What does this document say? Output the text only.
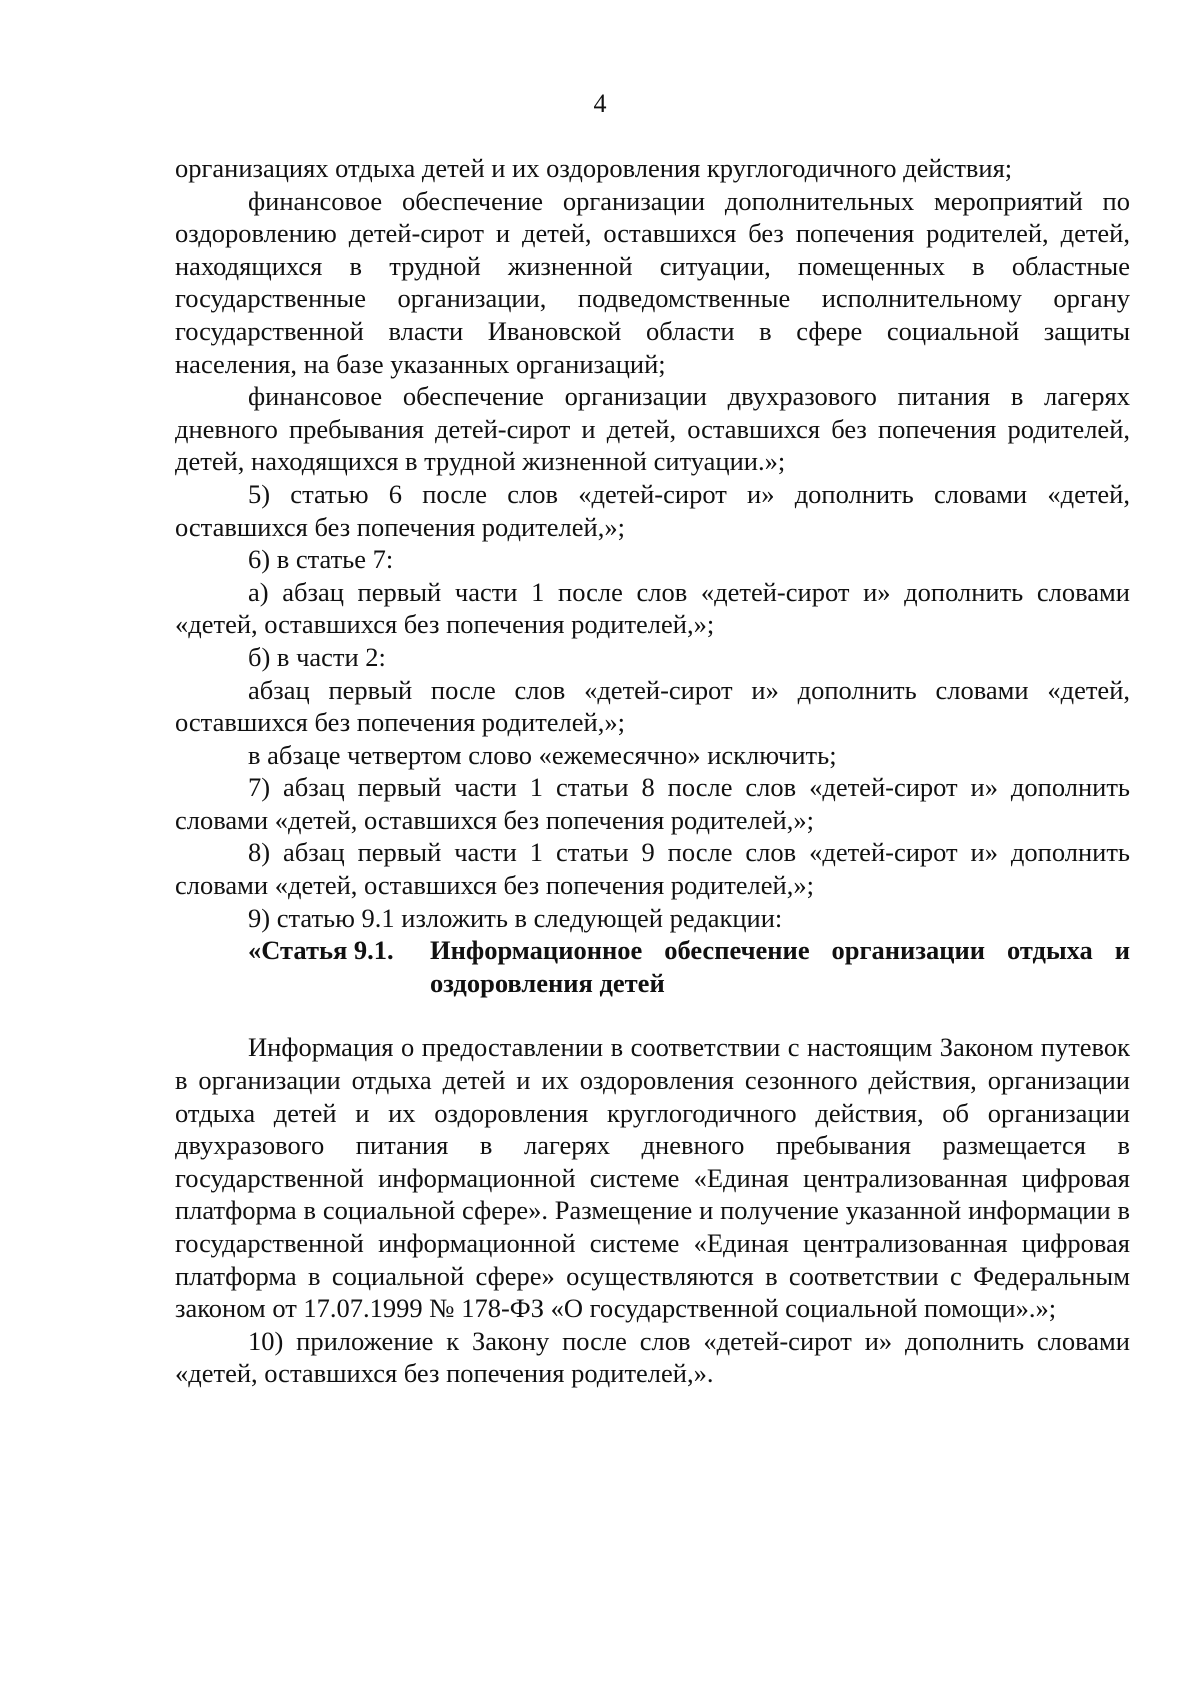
4

организациях отдыха детей и их оздоровления круглогодичного действия;

финансовое обеспечение организации дополнительных мероприятий по оздоровлению детей-сирот и детей, оставшихся без попечения родителей, детей, находящихся в трудной жизненной ситуации, помещенных в областные государственные организации, подведомственные исполнительному органу государственной власти Ивановской области в сфере социальной защиты населения, на базе указанных организаций;

финансовое обеспечение организации двухразового питания в лагерях дневного пребывания детей-сирот и детей, оставшихся без попечения родителей, детей, находящихся в трудной жизненной ситуации.»;

5) статью 6 после слов «детей-сирот и» дополнить словами «детей, оставшихся без попечения родителей,»;

6) в статье 7:

а) абзац первый части 1 после слов «детей-сирот и» дополнить словами «детей, оставшихся без попечения родителей,»;

б) в части 2:

абзац первый после слов «детей-сирот и» дополнить словами «детей, оставшихся без попечения родителей,»;

в абзаце четвертом слово «ежемесячно» исключить;

7) абзац первый части 1 статьи 8 после слов «детей-сирот и» дополнить словами «детей, оставшихся без попечения родителей,»;

8) абзац первый части 1 статьи 9 после слов «детей-сирот и» дополнить словами «детей, оставшихся без попечения родителей,»;

9) статью 9.1 изложить в следующей редакции:

«Статья 9.1.	Информационное обеспечение организации отдыха и оздоровления детей

Информация о предоставлении в соответствии с настоящим Законом путевок в организации отдыха детей и их оздоровления сезонного действия, организации отдыха детей и их оздоровления круглогодичного действия, об организации двухразового питания в лагерях дневного пребывания размещается в государственной информационной системе «Единая централизованная цифровая платформа в социальной сфере». Размещение и получение указанной информации в государственной информационной системе «Единая централизованная цифровая платформа в социальной сфере» осуществляются в соответствии с Федеральным законом от 17.07.1999 № 178-ФЗ «О государственной социальной помощи».»;

10) приложение к Закону после слов «детей-сирот и» дополнить словами «детей, оставшихся без попечения родителей,».
